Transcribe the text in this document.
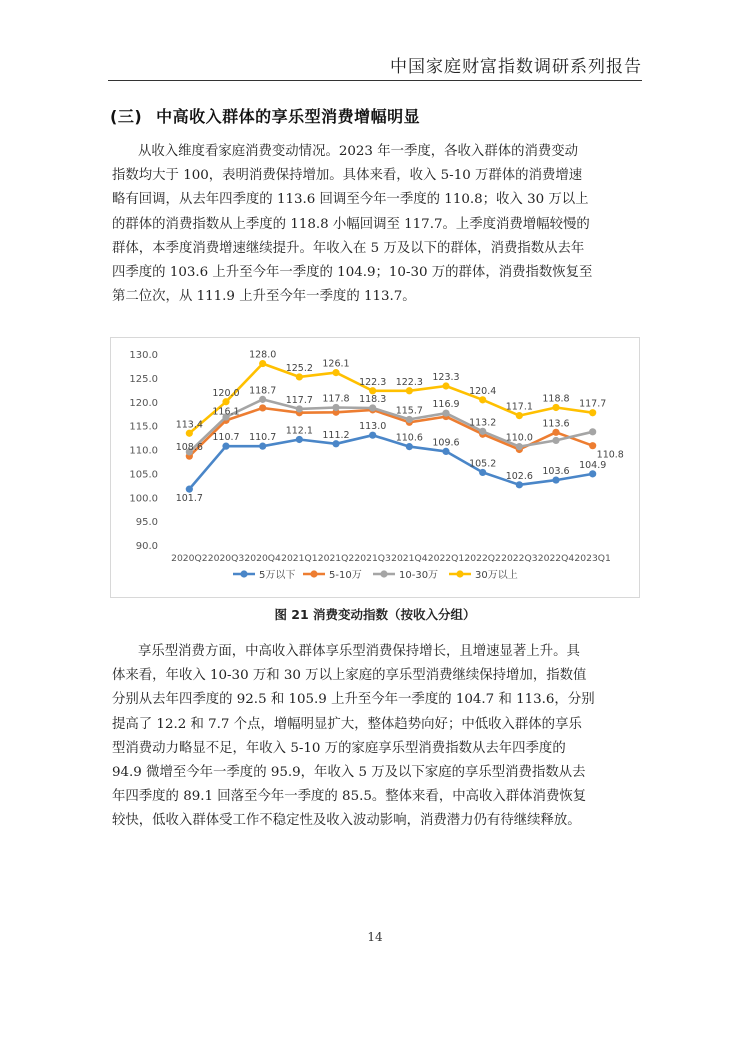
中国家庭财富指数调研系列报告
(三) 中高收入群体的享乐型消费增幅明显

从收入维度看家庭消费变动情况。2023 年一季度，各收入群体的消费变动
指数均大于 100，表明消费保持增加。具体来看，收入 5-10 万群体的消费增速
略有回调，从去年四季度的 113.6 回调至今年一季度的 110.8；收入 30 万以上
的群体的消费指数从上季度的 118.8 小幅回调至 117.7。上季度消费增幅较慢的
群体，本季度消费增速继续提升。年收入在 5 万及以下的群体，消费指数从去年
四季度的 103.6 上升至今年一季度的 104.9；10-30 万的群体，消费指数恢复至
第二位次，从 111.9 上升至今年一季度的 113.7。

90.0
95.0
100.0
105.0
110.0
115.0
120.0
125.0
130.0
2020Q2 2020Q3 2020Q4 2021Q1 2021Q2 2021Q3 2021Q4 2022Q1 2022Q2 2022Q3 2022Q4 2023Q1
101.7
110.7 110.7
112.1 111.2
113.0
110.6 109.6
105.2
102.6 103.6
104.9
108.6
116.1
113.6
110.8
118.7
117.7 117.8 118.3
115.7
116.9
113.2
110.0
113.4
120.0
128.0
125.2 126.1
122.3 122.3 123.3
120.4
117.1
118.8 117.7
5万以下	5-10万	10-30万	30万以上
图 21 消费变动指数（按收入分组）

享乐型消费方面，中高收入群体享乐型消费保持增长，且增速显著上升。具
体来看，年收入 10-30 万和 30 万以上家庭的享乐型消费继续保持增加，指数值
分别从去年四季度的 92.5 和 105.9 上升至今年一季度的 104.7 和 113.6，分别
提高了 12.2 和 7.7 个点，增幅明显扩大，整体趋势向好；中低收入群体的享乐
型消费动力略显不足，年收入 5-10 万的家庭享乐型消费指数从去年四季度的
94.9 微增至今年一季度的 95.9，年收入 5 万及以下家庭的享乐型消费指数从去
年四季度的 89.1 回落至今年一季度的 85.5。整体来看，中高收入群体消费恢复
较快，低收入群体受工作不稳定性及收入波动影响，消费潜力仍有待继续释放。

14
